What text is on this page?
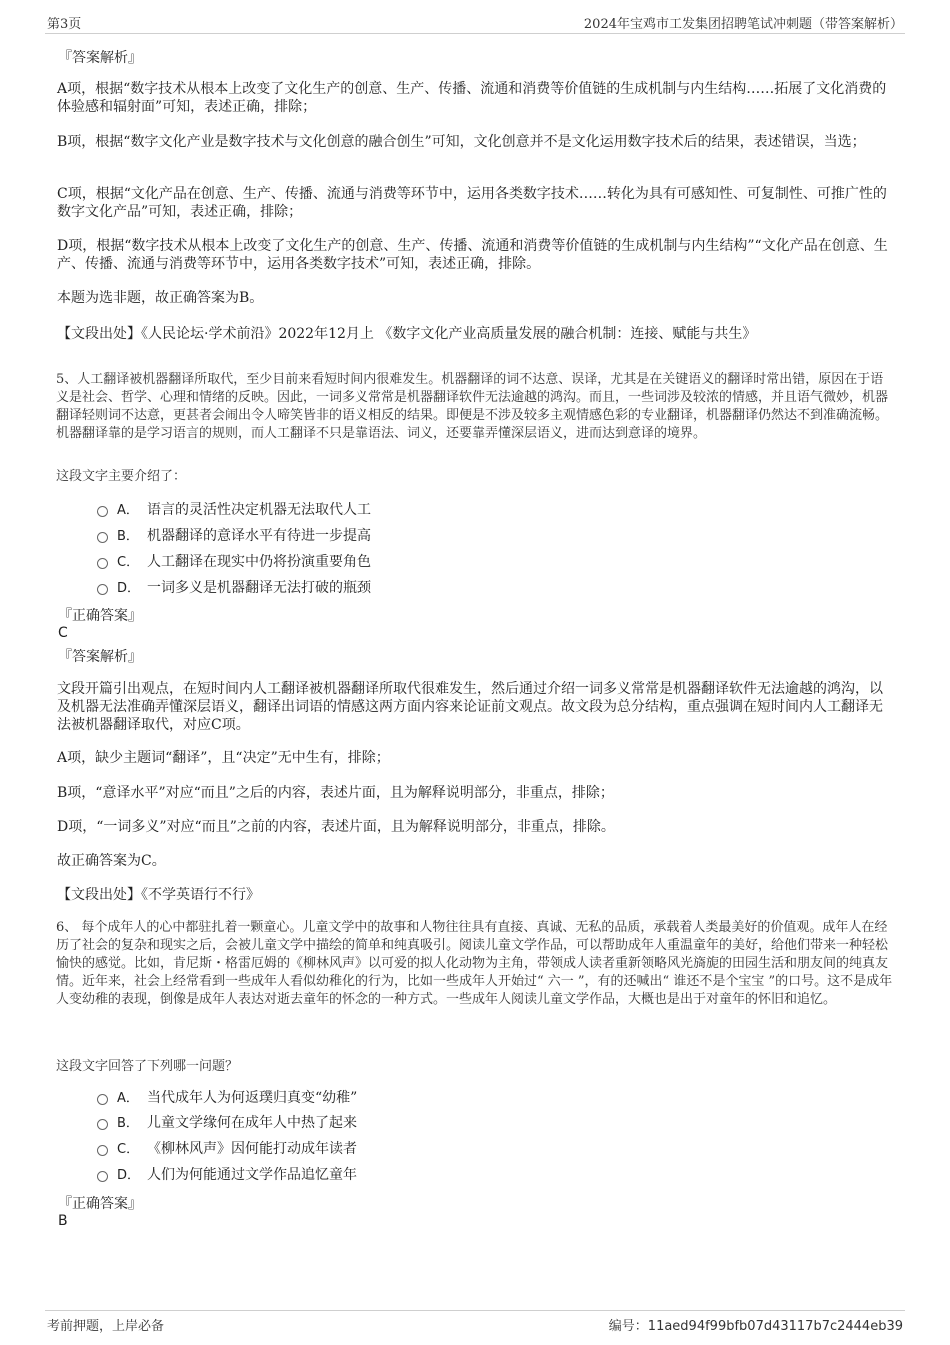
第3页	2024年宝鸡市工发集团招聘笔试冲刺题（带答案解析）
『答案解析』
A项，根据“数字技术从根本上改变了文化生产的创意、生产、传播、流通和消费等价值链的生成机制与内生结构……拓展了文化消费的体验感和辐射面”可知，表述正确，排除；
B项，根据“数字文化产业是数字技术与文化创意的融合创生”可知，文化创意并不是文化运用数字技术后的结果，表述错误，当选；
C项，根据“文化产品在创意、生产、传播、流通与消费等环节中，运用各类数字技术……转化为具有可感知性、可复制性、可推广性的数字文化产品”可知，表述正确，排除；
D项，根据“数字技术从根本上改变了文化生产的创意、生产、传播、流通和消费等价值链的生成机制与内生结构”“文化产品在创意、生产、传播、流通与消费等环节中，运用各类数字技术”可知，表述正确，排除。
本题为选非题，故正确答案为B。
【文段出处】《人民论坛·学术前沿》2022年12月上 《数字文化产业高质量发展的融合机制：连接、赋能与共生》
5、人工翻译被机器翻译所取代，至少目前来看短时间内很难发生。机器翻译的词不达意、误译，尤其是在关键语义的翻译时常出错，原因在于语义是社会、哲学、心理和情绪的反映。因此，一词多义常常是机器翻译软件无法逾越的鸿沟。而且，一些词涉及较浓的情感，并且语气微妙，机器翻译轻则词不达意，更甚者会闹出令人啼笑皆非的语义相反的结果。即便是不涉及较多主观情感色彩的专业翻译，机器翻译仍然达不到准确流畅。机器翻译靠的是学习语言的规则，而人工翻译不只是靠语法、词义，还要靠弄懂深层语义，进而达到意译的境界。
这段文字主要介绍了：
A． 语言的灵活性决定机器无法取代人工
B． 机器翻译的意译水平有待进一步提高
C． 人工翻译在现实中仍将扮演重要角色
D． 一词多义是机器翻译无法打破的瓶颈
『正确答案』
C
『答案解析』
文段开篇引出观点，在短时间内人工翻译被机器翻译所取代很难发生，然后通过介绍一词多义常常是机器翻译软件无法逾越的鸿沟，以及机器无法准确弄懂深层语义，翻译出词语的情感这两方面内容来论证前文观点。故文段为总分结构，重点强调在短时间内人工翻译无法被机器翻译取代，对应C项。
A项，缺少主题词“翻译”，且“决定”无中生有，排除；
B项，“意译水平”对应“而且”之后的内容，表述片面，且为解释说明部分，非重点，排除；
D项，“一词多义”对应“而且”之前的内容，表述片面，且为解释说明部分，非重点，排除。
故正确答案为C。
【文段出处】《不学英语行不行》
6、 每个成年人的心中都驻扎着一颗童心。儿童文学中的故事和人物往往具有直接、真诚、无私的品质，承载着人类最美好的价值观。成年人在经历了社会的复杂和现实之后，会被儿童文学中描绘的简单和纯真吸引。阅读儿童文学作品，可以帮助成年人重温童年的美好，给他们带来一种轻松愉快的感觉。比如，肯尼斯・格雷厄姆的《柳林风声》以可爱的拟人化动物为主角，带领成人读者重新领略风光旖旎的田园生活和朋友间的纯真友情。近年来，社会上经常看到一些成年人看似幼稚化的行为，比如一些成年人开始过“ 六一 ”，有的还喊出“ 谁还不是个宝宝 ”的口号。这不是成年人变幼稚的表现，倒像是成年人表达对逝去童年的怀念的一种方式。一些成年人阅读儿童文学作品，大概也是出于对童年的怀旧和追忆。
这段文字回答了下列哪一问题？
A． 当代成年人为何返璞归真变“幼稚”
B． 儿童文学缘何在成年人中热了起来
C． 《柳林风声》因何能打动成年读者
D． 人们为何能通过文学作品追忆童年
『正确答案』
B
考前押题，上岸必备	编号：11aed94f99bfb07d43117b7c2444eb39
